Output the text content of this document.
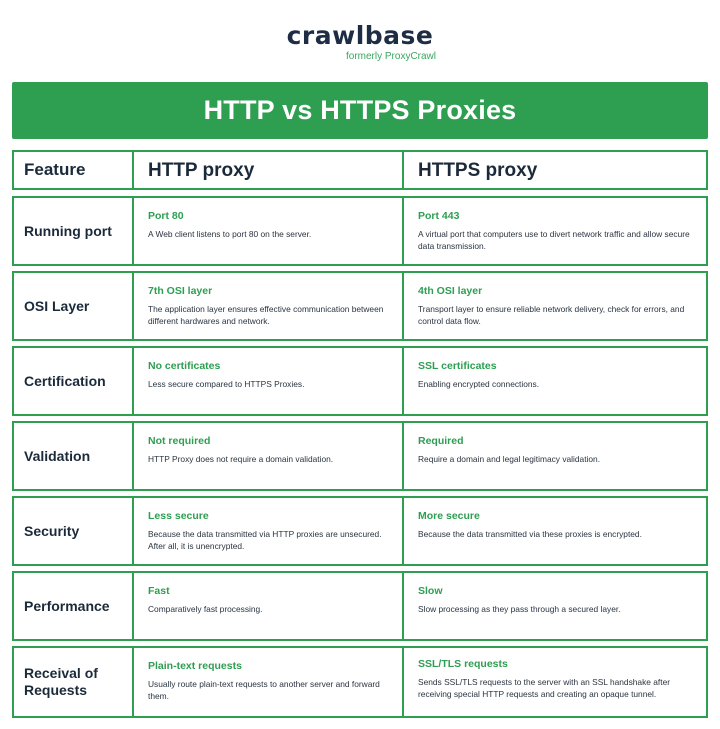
crawlbase
formerly ProxyCrawl
HTTP vs HTTPS Proxies
Feature	HTTP proxy	HTTPS proxy
Running port
Port 80
A Web client listens to port 80 on the server.
Port 443
A virtual port that computers use to divert network traffic and allow secure data transmission.
OSI Layer
7th OSI layer
The application layer ensures effective communication between different hardwares and network.
4th OSI layer
Transport layer to ensure reliable network delivery, check for errors, and control data flow.
Certification
No certificates
Less secure compared to HTTPS Proxies.
SSL certificates
Enabling encrypted connections.
Validation
Not required
HTTP Proxy does not require a domain validation.
Required
Require a domain and legal legitimacy validation.
Security
Less secure
Because the data transmitted via HTTP proxies are unsecured. After all, it is unencrypted.
More secure
Because the data transmitted via these proxies is encrypted.
Performance
Fast
Comparatively fast processing.
Slow
Slow processing as they pass through a secured layer.
Receival of Requests
Plain-text requests
Usually route plain-text requests to another server and forward them.
SSL/TLS requests
Sends SSL/TLS requests to the server with an SSL handshake after receiving special HTTP requests and creating an opaque tunnel.
